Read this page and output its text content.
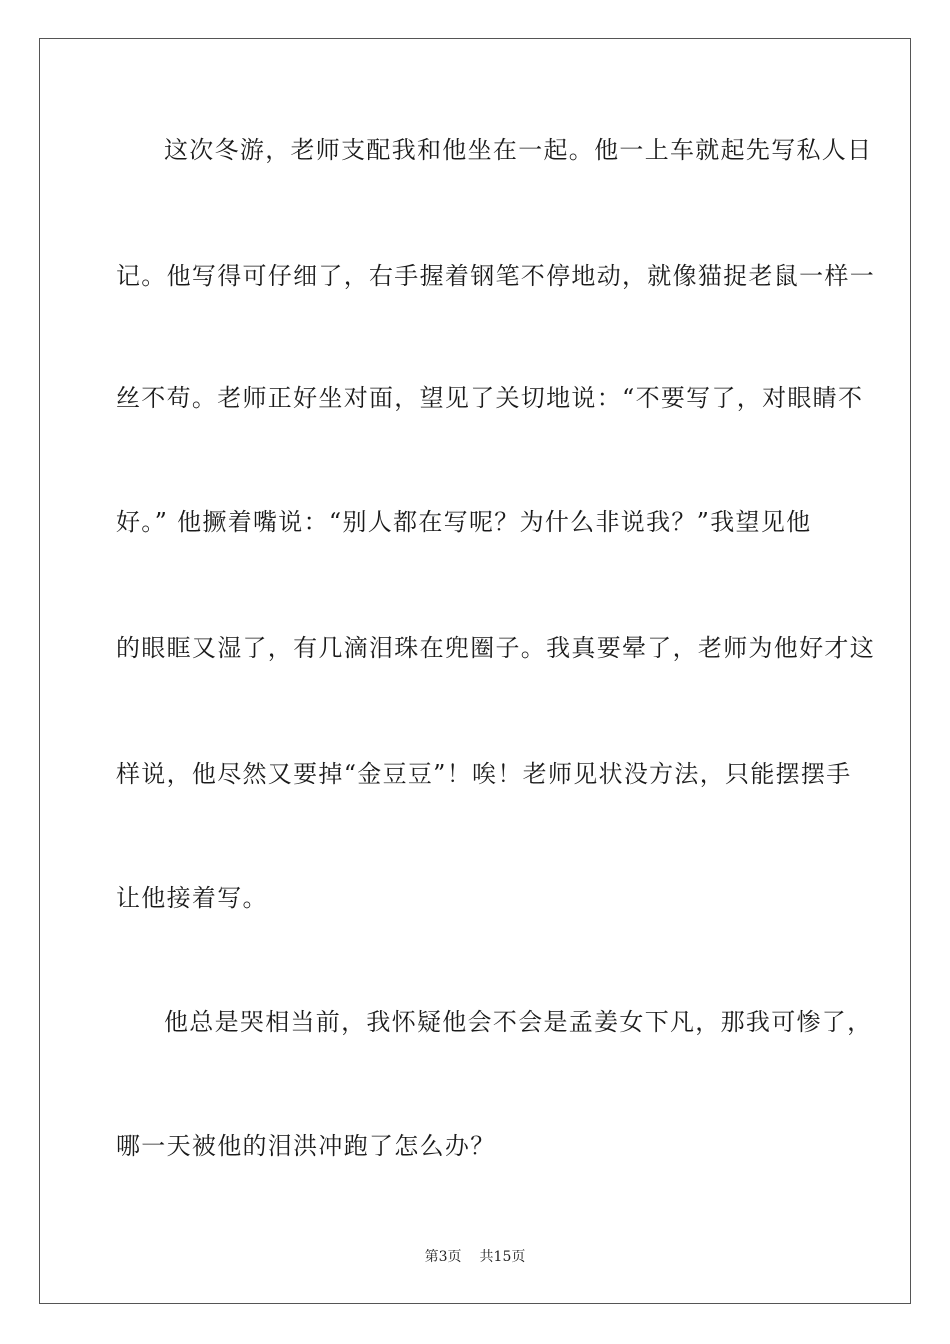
这次冬游，老师支配我和他坐在一起。他一上车就起先写私人日
记。他写得可仔细了，右手握着钢笔不停地动，就像猫捉老鼠一样一
丝不苟。老师正好坐对面，望见了关切地说：“不要写了，对眼睛不
好。” 他撅着嘴说：“别人都在写呢？为什么非说我？”我望见他
的眼眶又湿了，有几滴泪珠在兜圈子。我真要晕了，老师为他好才这
样说，他尽然又要掉“金豆豆”！唉！老师见状没方法，只能摆摆手
让他接着写。
他总是哭相当前，我怀疑他会不会是孟姜女下凡，那我可惨了，
哪一天被他的泪洪冲跑了怎么办？
第3页 共15页
